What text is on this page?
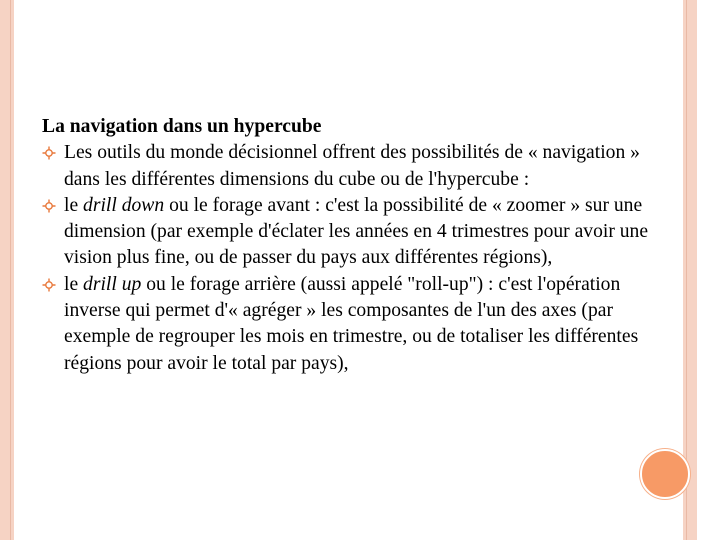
La navigation dans un hypercube

Les outils du monde décisionnel offrent des possibilités de « navigation » dans les différentes dimensions du cube ou de l'hypercube :
le drill down ou le forage avant : c'est la possibilité de « zoomer » sur une dimension (par exemple d'éclater les années en 4 trimestres pour avoir une vision plus fine, ou de passer du pays aux différentes régions),
le drill up ou le forage arrière (aussi appelé "roll-up") : c'est l'opération inverse qui permet d'« agréger » les composantes de l'un des axes (par exemple de regrouper les mois en trimestre, ou de totaliser les différentes régions pour avoir le total par pays),
